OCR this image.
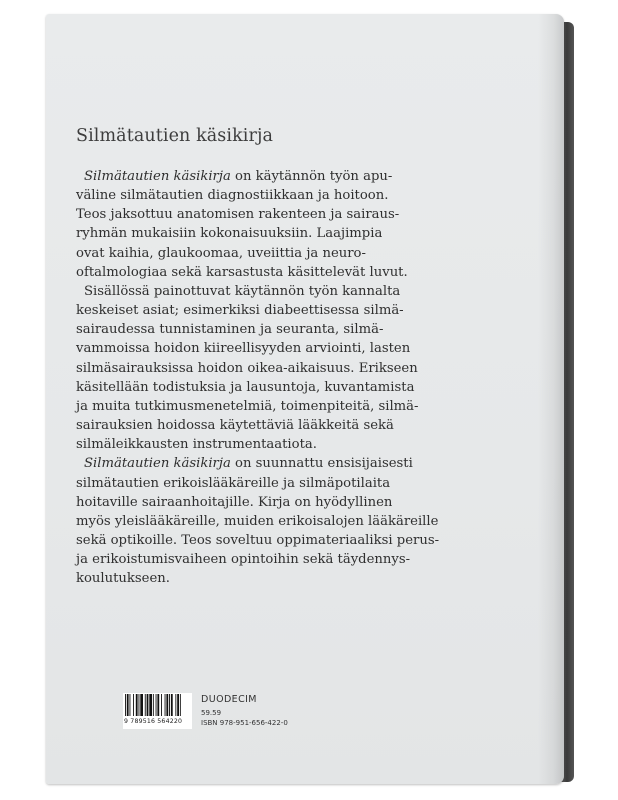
Silmätautien käsikirja

Silmätautien käsikirja on käytännön työn apu-
väline silmätautien diagnostiikkaan ja hoitoon.
Teos jaksottuu anatomisen rakenteen ja sairaus-
ryhmän mukaisiin kokonaisuuksiin. Laajimpia
ovat kaihia, glaukoomaa, uveiittia ja neuro-
oftalmologiaa sekä karsastusta käsittelevät luvut.

Sisällössä painottuvat käytännön työn kannalta
keskeiset asiat; esimerkiksi diabeettisessa silmä-
sairaudessa tunnistaminen ja seuranta, silmä-
vammoissa hoidon kiireellisyyden arviointi, lasten
silmäsairauksissa hoidon oikea-aikaisuus. Erikseen
käsitellään todistuksia ja lausuntoja, kuvantamista
ja muita tutkimusmenetelmiä, toimenpiteitä, silmä-
sairauksien hoidossa käytettäviä lääkkeitä sekä
silmäleikkausten instrumentaatiota.

Silmätautien käsikirja on suunnattu ensisijaisesti
silmätautien erikoislääkäreille ja silmäpotilaita
hoitaville sairaanhoitajille. Kirja on hyödyllinen
myös yleislääkäreille, muiden erikoisalojen lääkäreille
sekä optikoille. Teos soveltuu oppimateriaaliksi perus-
ja erikoistumisvaiheen opintoihin sekä täydennys-
koulutukseen.

9 789516 564220
DUODECIM
59.59
ISBN 978-951-656-422-0
